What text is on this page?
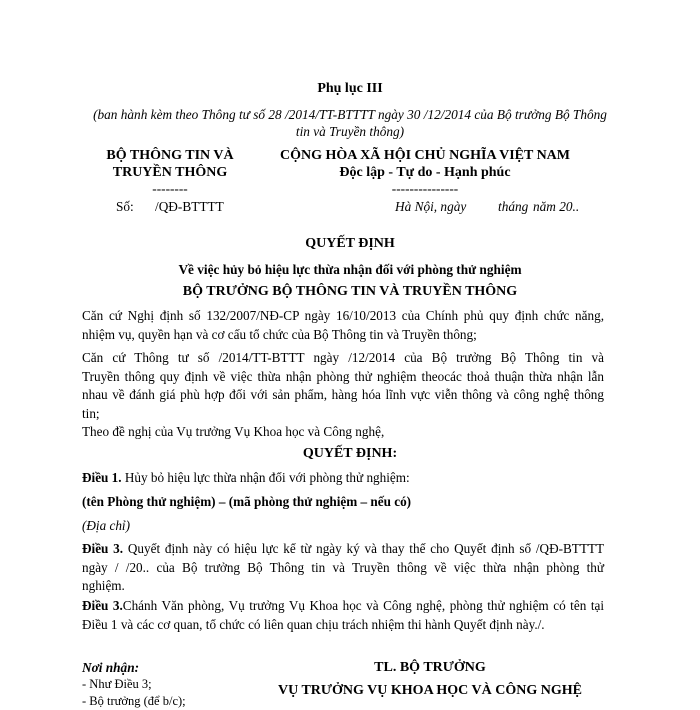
Phụ lục III
(ban hành kèm theo Thông tư số 28 /2014/TT-BTTTT ngày 30 /12/2014 của Bộ trưởng Bộ Thông
tin và Truyền thông)
BỘ THÔNG TIN VÀ
TRUYỀN THÔNG
--------
Số: /QĐ-BTTTT
CỘNG HÒA XÃ HỘI CHỦ NGHĨA VIỆT NAM
Độc lập - Tự do - Hạnh phúc
---------------
Hà Nội, ngày tháng năm 20..
QUYẾT ĐỊNH
Về việc hủy bỏ hiệu lực thừa nhận đối với phòng thử nghiệm
BỘ TRƯỞNG BỘ THÔNG TIN VÀ TRUYỀN THÔNG
Căn cứ Nghị định số 132/2007/NĐ-CP ngày 16/10/2013 của Chính phủ quy định chức năng,
nhiệm vụ, quyền hạn và cơ cấu tổ chức của Bộ Thông tin và Truyền thông;
Căn cứ Thông tư số /2014/TT-BTTT ngày /12/2014 của Bộ trưởng Bộ Thông tin và
Truyền thông quy định về việc thừa nhận phòng thử nghiệm theocác thoả thuận thừa nhận lẫn
nhau về đánh giá phù hợp đối với sản phẩm, hàng hóa lĩnh vực viễn thông và công nghệ thông
tin;
Theo đề nghị của Vụ trưởng Vụ Khoa học và Công nghệ,
QUYẾT ĐỊNH:
Điều 1. Hủy bỏ hiệu lực thừa nhận đối với phòng thử nghiệm:
(tên Phòng thử nghiệm) – (mã phòng thử nghiệm – nếu có)
(Địa chỉ)
Điều 3. Quyết định này có hiệu lực kể từ ngày ký và thay thế cho Quyết định số /QĐ-BTTTT
ngày / /20.. của Bộ trưởng Bộ Thông tin và Truyền thông về việc thừa nhận phòng thử
nghiệm.
Điều 3.Chánh Văn phòng, Vụ trưởng Vụ Khoa học và Công nghệ, phòng thử nghiệm có tên tại
Điều 1 và các cơ quan, tổ chức có liên quan chịu trách nhiệm thi hành Quyết định này./.
Nơi nhận:
- Như Điều 3;
- Bộ trưởng (để b/c);
TL. BỘ TRƯỞNG
VỤ TRƯỞNG VỤ KHOA HỌC VÀ CÔNG NGHỆ
